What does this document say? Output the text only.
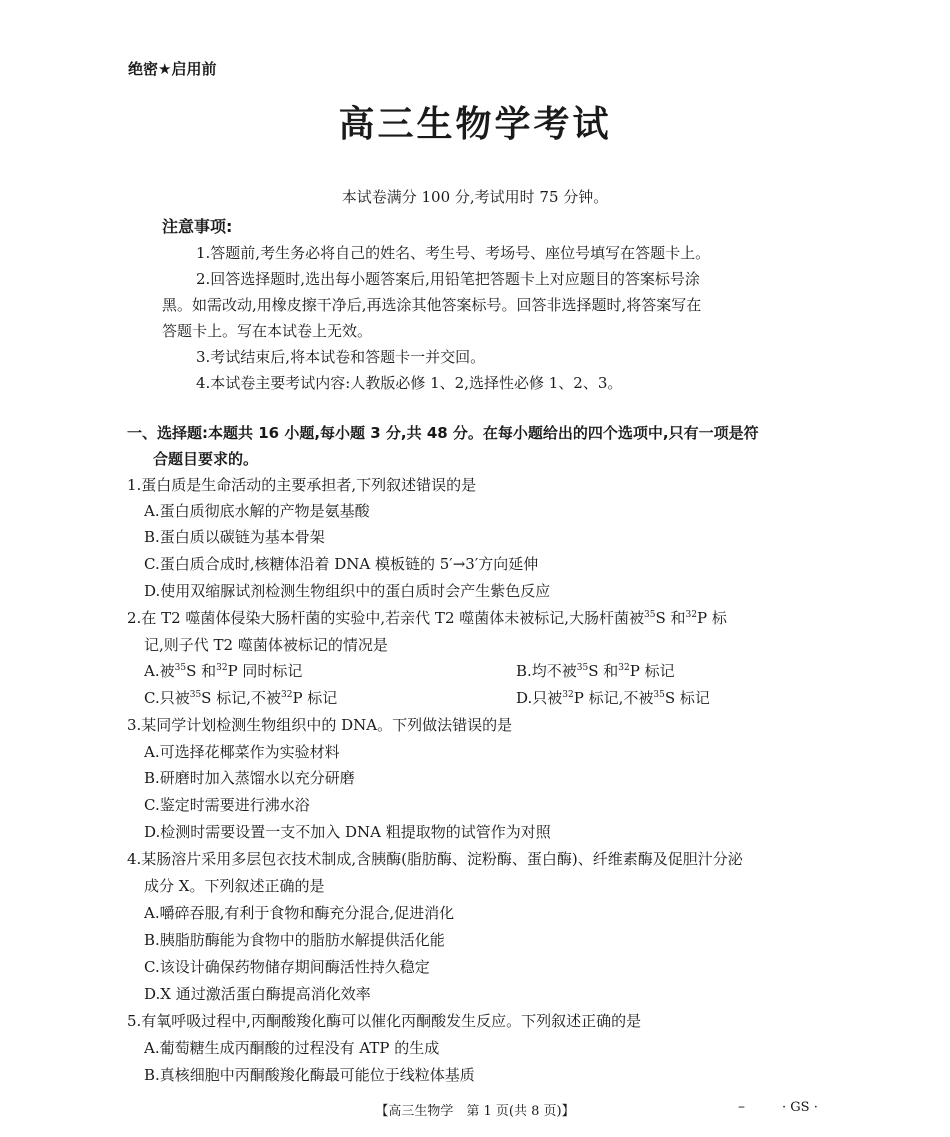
绝密★启用前
高三生物学考试
本试卷满分 100 分,考试用时 75 分钟。
注意事项:
1.答题前,考生务必将自己的姓名、考生号、考场号、座位号填写在答题卡上。
2.回答选择题时,选出每小题答案后,用铅笔把答题卡上对应题目的答案标号涂
黑。如需改动,用橡皮擦干净后,再选涂其他答案标号。回答非选择题时,将答案写在
答题卡上。写在本试卷上无效。
3.考试结束后,将本试卷和答题卡一并交回。
4.本试卷主要考试内容:人教版必修 1、2,选择性必修 1、2、3。
一、选择题:本题共 16 小题,每小题 3 分,共 48 分。在每小题给出的四个选项中,只有一项是符
合题目要求的。
1.蛋白质是生命活动的主要承担者,下列叙述错误的是
A.蛋白质彻底水解的产物是氨基酸
B.蛋白质以碳链为基本骨架
C.蛋白质合成时,核糖体沿着 DNA 模板链的 5′→3′方向延伸
D.使用双缩脲试剂检测生物组织中的蛋白质时会产生紫色反应
2.在 T2 噬菌体侵染大肠杆菌的实验中,若亲代 T2 噬菌体未被标记,大肠杆菌被$^{35}$S 和$^{32}$P 标
记,则子代 T2 噬菌体被标记的情况是
A.被$^{35}$S 和$^{32}$P 同时标记	B.均不被$^{35}$S 和$^{32}$P 标记
C.只被$^{35}$S 标记,不被$^{32}$P 标记	D.只被$^{32}$P 标记,不被$^{35}$S 标记
3.某同学计划检测生物组织中的 DNA。下列做法错误的是
A.可选择花椰菜作为实验材料
B.研磨时加入蒸馏水以充分研磨
C.鉴定时需要进行沸水浴
D.检测时需要设置一支不加入 DNA 粗提取物的试管作为对照
4.某肠溶片采用多层包衣技术制成,含胰酶(脂肪酶、淀粉酶、蛋白酶)、纤维素酶及促胆汁分泌
成分 X。下列叙述正确的是
A.嚼碎吞服,有利于食物和酶充分混合,促进消化
B.胰脂肪酶能为食物中的脂肪水解提供活化能
C.该设计确保药物储存期间酶活性持久稳定
D.X 通过激活蛋白酶提高消化效率
5.有氧呼吸过程中,丙酮酸羧化酶可以催化丙酮酸发生反应。下列叙述正确的是
A.葡萄糖生成丙酮酸的过程没有 ATP 的生成
B.真核细胞中丙酮酸羧化酶最可能位于线粒体基质
【高三生物学　第 1 页(共 8 页)】	–	· GS ·
